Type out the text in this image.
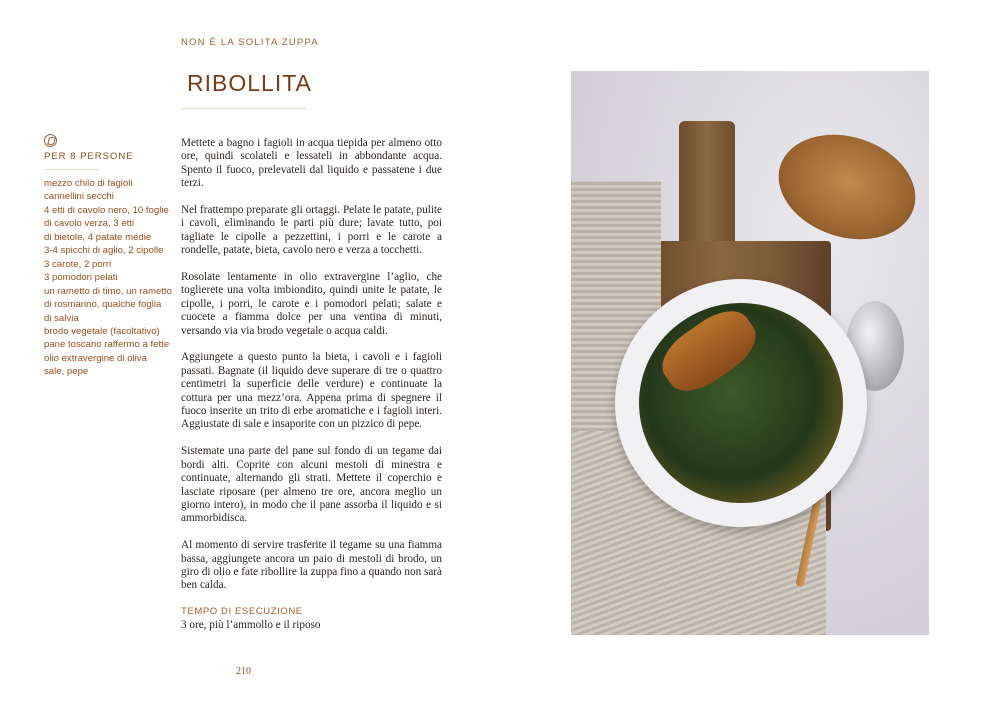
NON È LA SOLITA ZUPPA
RIBOLLITA
PER 8 PERSONE
mezzo chilo di fagioli
cannellini secchi
4 etti di cavolo nero, 10 foglie
di cavolo verza, 3 etti
di bietole, 4 patate medie
3-4 spicchi di aglio, 2 cipolle
3 carote, 2 porri
3 pomodori pelati
un rametto di timo, un rametto
di rosmarino, qualche foglia
di salvia
brodo vegetale (facoltativo)
pane toscano raffermo a fette
olio extravergine di oliva
sale, pepe

Mettete a bagno i fagioli in acqua tiepida per almeno otto ore, quindi scolateli e lessateli in abbondante acqua. Spento il fuoco, prelevateli dal liquido e passatene i due terzi.

Nel frattempo preparate gli ortaggi. Pelate le patate, pulite i cavoli, eliminando le parti più dure; lavate tutto, poi tagliate le cipolle a pezzettini, i porri e le carote a rondelle, patate, bieta, cavolo nero e verza a tocchetti.

Rosolate lentamente in olio extravergine l’aglio, che toglierete una volta imbiondito, quindi unite le patate, le cipolle, i porri, le carote e i pomodori pelati; salate e cuocete a fiamma dolce per una ventina di minuti, versando via via brodo vegetale o acqua caldi.

Aggiungete a questo punto la bieta, i cavoli e i fagioli passati. Bagnate (il liquido deve superare di tre o quattro centimetri la superficie delle verdure) e continuate la cottura per una mezz’ora. Appena prima di spegnere il fuoco inserite un trito di erbe aromatiche e i fagioli interi. Aggiustate di sale e insaporite con un pizzico di pepe.

Sistemate una parte del pane sul fondo di un tegame dai bordi alti. Coprite con alcuni mestoli di minestra e continuate, alternando gli strati. Mettete il coperchio e lasciate riposare (per almeno tre ore, ancora meglio un giorno intero), in modo che il pane assorba il liquido e si ammorbidisca.

Al momento di servire trasferite il tegame su una fiamma bassa, aggiungete ancora un paio di mestoli di brodo, un giro di olio e fate ribollire la zuppa fino a quando non sarà ben calda.

TEMPO DI ESECUZIONE
3 ore, più l’ammollo e il riposo
210
